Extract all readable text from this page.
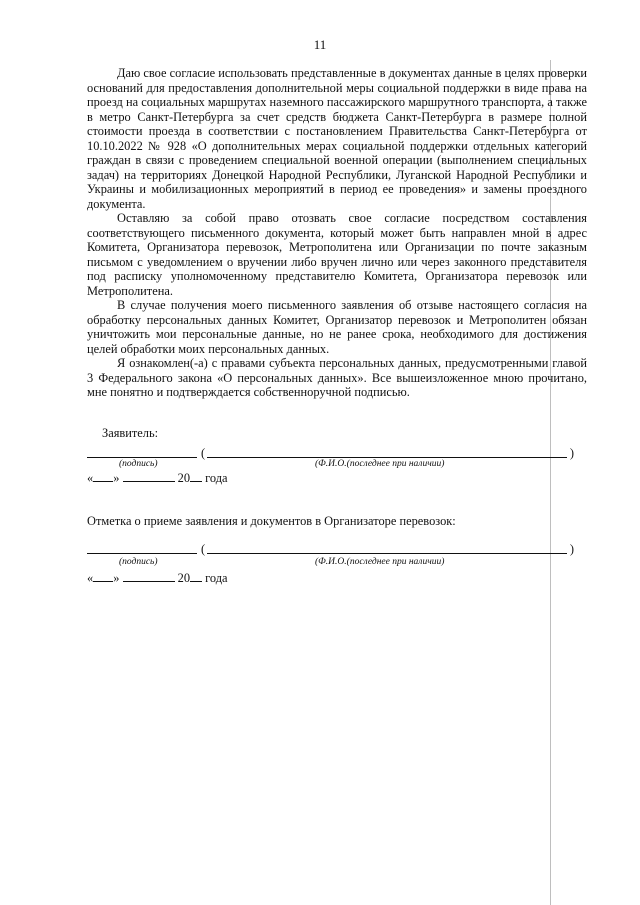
11

Даю свое согласие использовать представленные в документах данные в целях проверки оснований для предоставления дополнительной меры социальной поддержки в виде права на проезд на социальных маршрутах наземного пассажирского маршрутного транспорта, а также в метро Санкт-Петербурга за счет средств бюджета Санкт-Петербурга в размере полной стоимости проезда в соответствии с постановлением Правительства Санкт-Петербурга от 10.10.2022 № 928 «О дополнительных мерах социальной поддержки отдельных категорий граждан в связи с проведением специальной военной операции (выполнением специальных задач) на территориях Донецкой Народной Республики, Луганской Народной Республики и Украины и мобилизационных мероприятий в период ее проведения» и замены проездного документа.

Оставляю за собой право отозвать свое согласие посредством составления соответствующего письменного документа, который может быть направлен мной в адрес Комитета, Организатора перевозок, Метрополитена или Организации по почте заказным письмом с уведомлением о вручении либо вручен лично или через законного представителя под расписку уполномоченному представителю Комитета, Организатора перевозок или Метрополитена.

В случае получения моего письменного заявления об отзыве настоящего согласия на обработку персональных данных Комитет, Организатор перевозок и Метрополитен обязан уничтожить мои персональные данные, но не ранее срока, необходимого для достижения целей обработки моих персональных данных.

Я ознакомлен(-а) с правами субъекта персональных данных, предусмотренными главой 3 Федерального закона «О персональных данных». Все вышеизложенное мною прочитано, мне понятно и подтверждается собственноручной подписью.

Заявитель:
(	)
(подпись)	(Ф.И.О.(последнее при наличии)
« »	20 года
Отметка о приеме заявления и документов в Организаторе перевозок:
(	)
(подпись)	(Ф.И.О.(последнее при наличии)
« »	20 года
